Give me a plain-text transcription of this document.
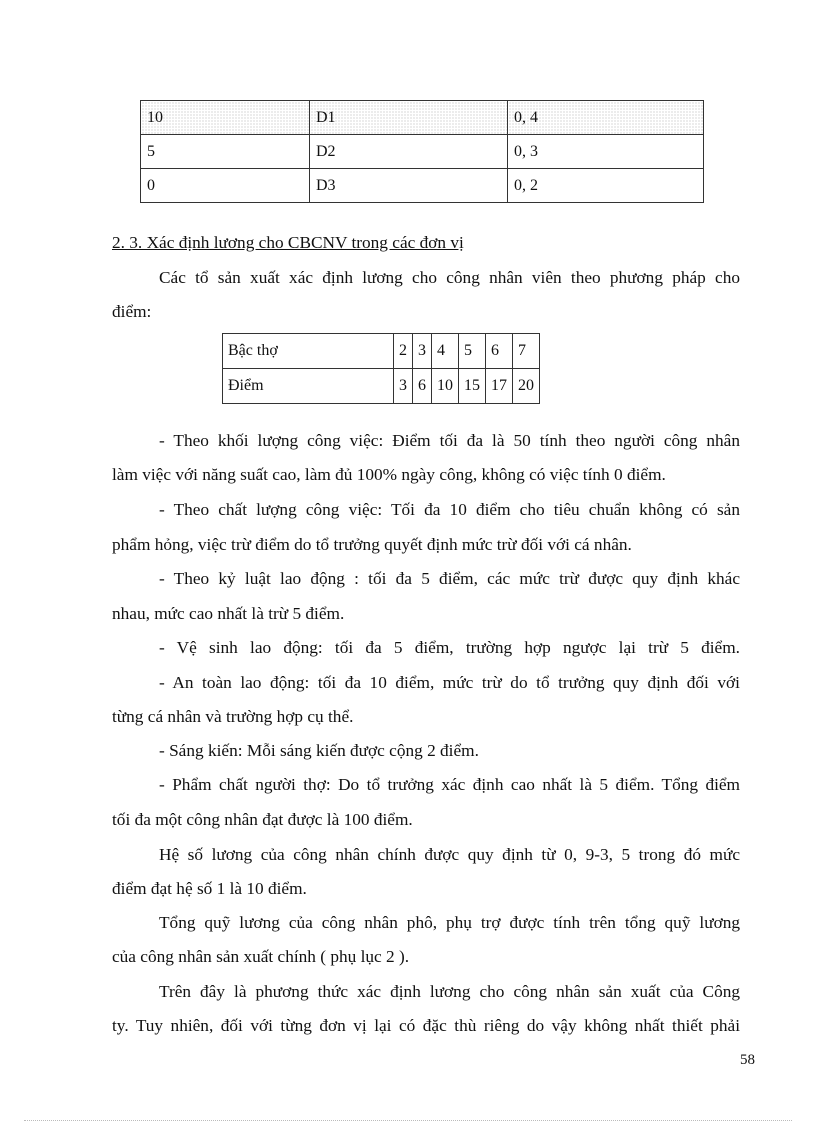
10	D1	0, 4
5	D2	0, 3
0	D3	0, 2
2. 3. Xác định lương cho CBCNV trong các đơn vị
Các tổ sản xuất xác định lương cho công nhân viên theo phương pháp cho
điểm:
Bậc thợ	2	3	4	5	6	7
Điểm	3	6	10	15	17	20
- Theo khối lượng công việc: Điểm tối đa là 50 tính theo người công nhân
làm việc với năng suất cao, làm đủ 100% ngày công, không có việc tính 0 điểm.
- Theo chất lượng công việc: Tối đa 10 điểm cho tiêu chuẩn không có sản
phẩm hỏng, việc trừ điểm do tổ trưởng quyết định mức trừ đối với cá nhân.
- Theo kỷ luật lao động : tối đa 5 điểm, các mức trừ được quy định khác
nhau, mức cao nhất là trừ 5 điểm.
- Vệ sinh lao động: tối đa 5 điểm, trường hợp ngược lại trừ 5 điểm.
- An toàn lao động: tối đa 10 điểm, mức trừ do tổ trưởng quy định đối với
từng cá nhân và trường hợp cụ thể.
- Sáng kiến: Mỗi sáng kiến được cộng 2 điểm.
- Phẩm chất người thợ: Do tổ trưởng xác định cao nhất là 5 điểm. Tổng điểm
tối đa một công nhân đạt được là 100 điểm.
Hệ số lương của công nhân chính được quy định từ 0, 9-3, 5 trong đó mức
điểm đạt hệ số 1 là 10 điểm.
Tổng quỹ lương của công nhân phô, phụ trợ được tính trên tổng quỹ lương
của công nhân sản xuất chính ( phụ lục 2 ).
Trên đây là phương thức xác định lương cho công nhân sản xuất của Công
ty. Tuy nhiên, đối với từng đơn vị lại có đặc thù riêng do vậy không nhất thiết phải
58
